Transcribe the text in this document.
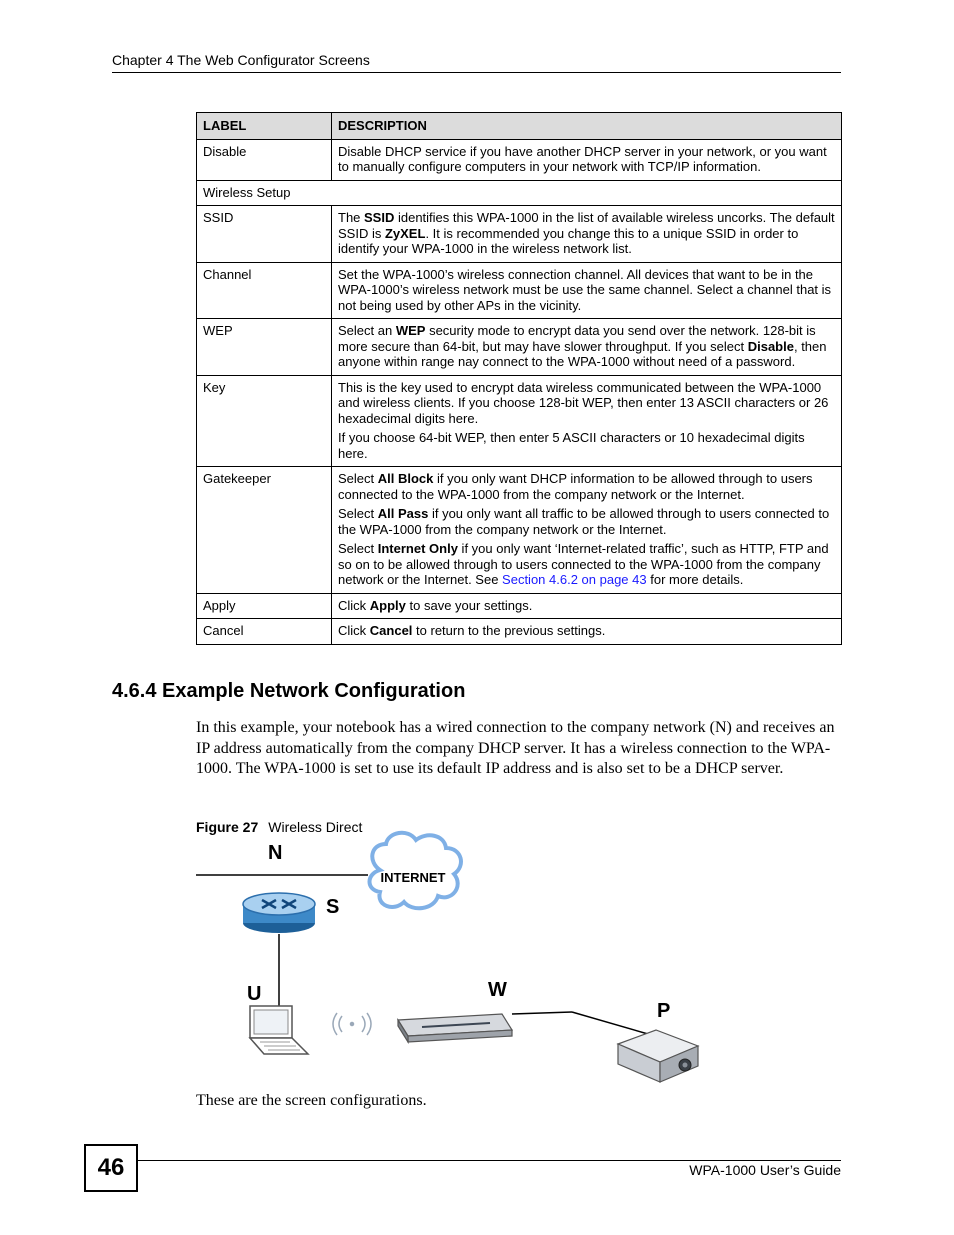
Chapter 4 The Web Configurator Screens
LABEL	DESCRIPTION
Disable	Disable DHCP service if you have another DHCP server in your network, or you want to manually configure computers in your network with TCP/IP information.
Wireless Setup	
SSID	The SSID identifies this WPA-1000 in the list of available wireless uncorks. The default SSID is ZyXEL. It is recommended you change this to a unique SSID in order to identify your WPA-1000 in the wireless network list.
Channel	Set the WPA-1000’s wireless connection channel. All devices that want to be in the WPA-1000’s wireless network must be use the same channel. Select a channel that is not being used by other APs in the vicinity.
WEP	Select an WEP security mode to encrypt data you send over the network. 128-bit is more secure than 64-bit, but may have slower throughput. If you select Disable, then anyone within range nay connect to the WPA-1000 without need of a password.
Key	This is the key used to encrypt data wireless communicated between the WPA-1000 and wireless clients. If you choose 128-bit WEP, then enter 13 ASCII characters or 26 hexadecimal digits here.

If you choose 64-bit WEP, then enter 5 ASCII characters or 10 hexadecimal digits here.

Gatekeeper	Select All Block if you only want DHCP information to be allowed through to users connected to the WPA-1000 from the company network or the Internet.

Select All Pass if you only want all traffic to be allowed through to users connected to the WPA-1000 from the company network or the Internet.

Select Internet Only if you only want ‘Internet-related traffic’, such as HTTP, FTP and so on to be allowed through to users connected to the WPA-1000 from the company network or the Internet. See Section 4.6.2 on page 43 for more details.

Apply	Click Apply to save your settings.
Cancel	Click Cancel to return to the previous settings.
4.6.4 Example Network Configuration

In this example, your notebook has a wired connection to the company network (N) and receives an IP address automatically from the company DHCP server. It has a wireless connection to the WPA-1000. The WPA-1000 is set to use its default IP address and is also set to be a DHCP server.

Figure 27 Wireless Direct
N
INTERNET
S
U	W
P

These are the screen configurations.

46	WPA-1000 User’s Guide
